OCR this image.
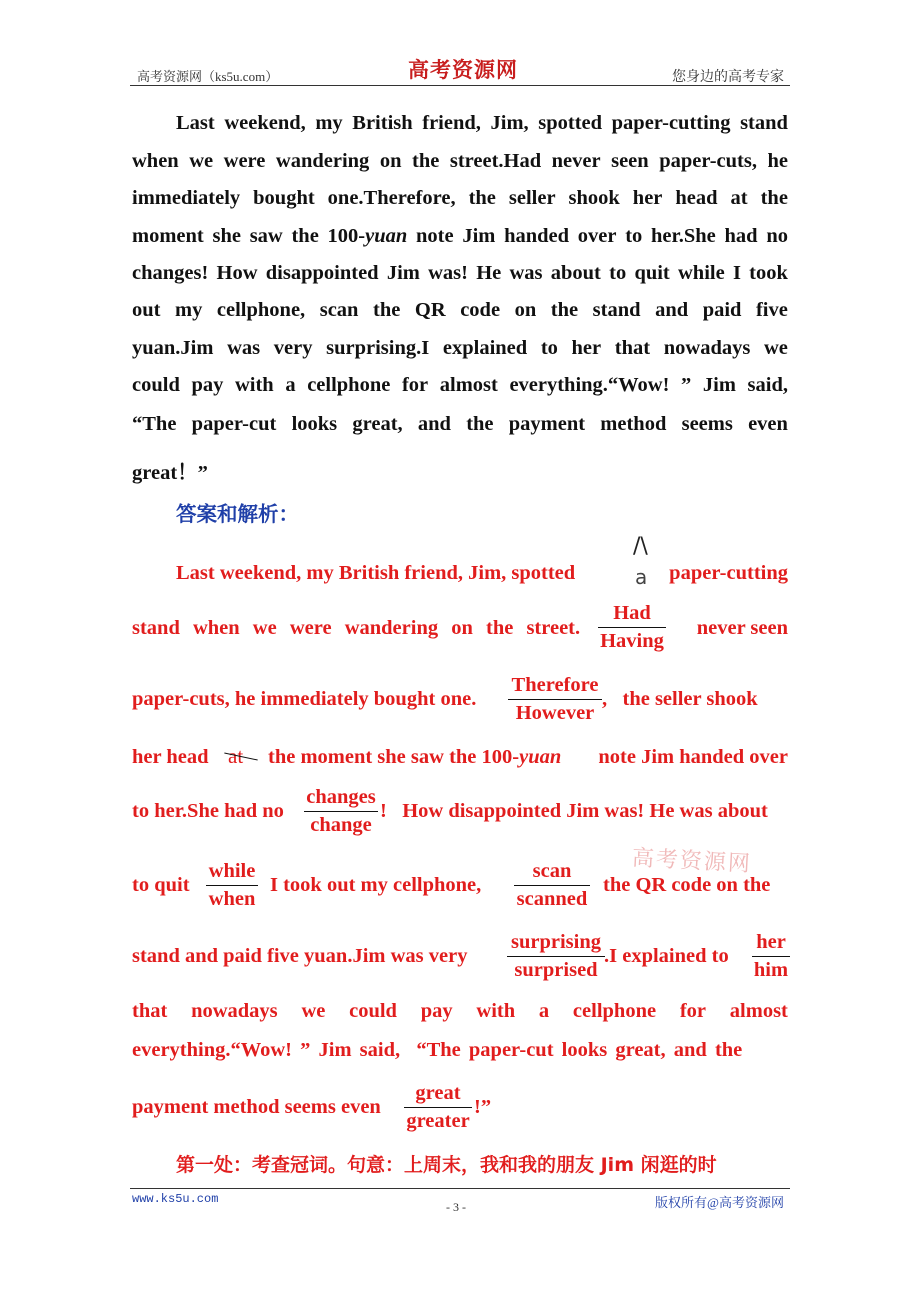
高考资源网（ks5u.com）	高考资源网	您身边的高考专家
Last weekend, my British friend, Jim, spotted paper-cutting stand
when we were wandering on the street.Had never seen paper-cuts, he
immediately bought one.Therefore, the seller shook her head at the
moment she saw the 100-yuan note Jim handed over to her.She had no
changes! How disappointed Jim was! He was about to quit while I took
out my cellphone, scan the QR code on the stand and paid five
yuan.Jim was very surprising.I explained to her that nowadays we
could pay with a cellphone for almost everything.“Wow! ” Jim said,
“The paper-cut looks great, and the payment method seems even
great！”
答案和解析：
Last weekend, my British friend, Jim, spotted
/\
a paper-cutting
stand when we were wandering on the street.
Had
Having
never seen
paper-cuts, he immediately bought one.
Therefore
However
,   the seller shook
her head at the moment she saw the 100-yuan note Jim handed over
to her.She had no
changes
change
!   How disappointed Jim was! He was about
to quit
while
when
I took out my cellphone,
scan
scanned
the QR code on the
stand and paid five yuan.Jim was very
surprising
surprised
.I explained to
her
him
that nowadays we could pay with a cellphone for almost
everything.“Wow! ” Jim said,  “The paper-cut looks great, and the
payment method seems even
great
greater
!”
第一处：考查冠词。句意：上周末，我和我的朋友 Jim 闲逛的时
高考资源网
www.ks5u.com
- 3 -	版权所有@高考资源网
